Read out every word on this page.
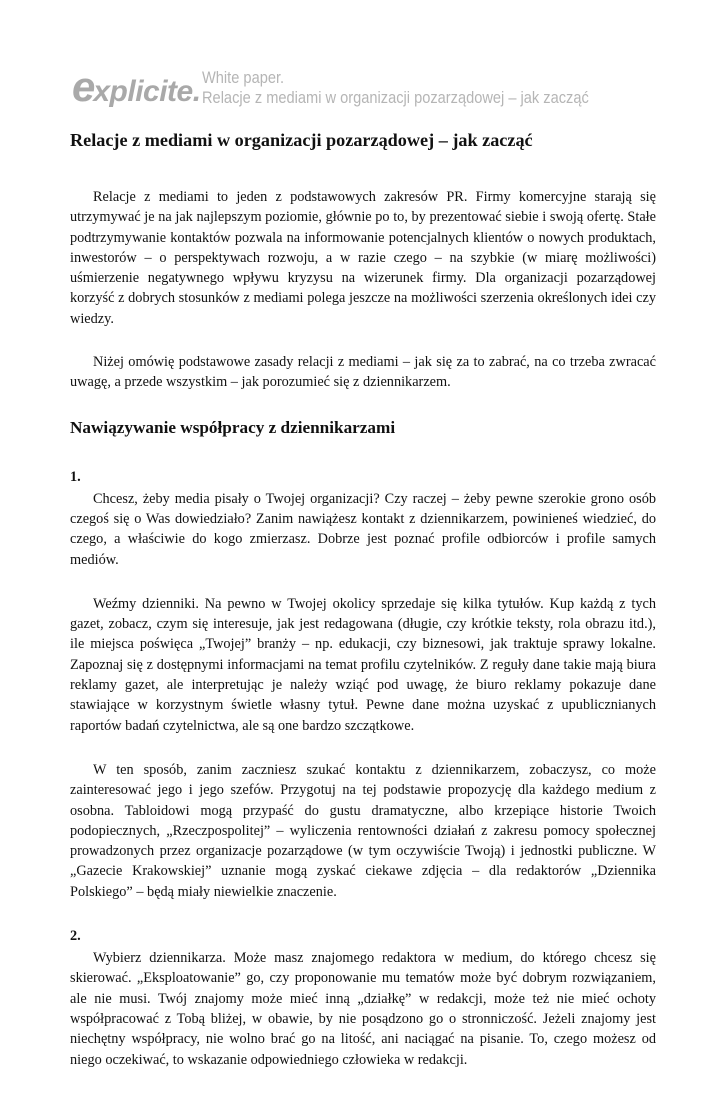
explicite. White paper.
Relacje z mediami w organizacji pozarządowej – jak zacząć
Relacje z mediami w organizacji pozarządowej – jak zacząć

Relacje z mediami to jeden z podstawowych zakresów PR. Firmy komercyjne starają się utrzymywać je na jak najlepszym poziomie, głównie po to, by prezentować siebie i swoją ofertę. Stałe podtrzymywanie kontaktów pozwala na informowanie potencjalnych klientów o nowych produktach, inwestorów – o perspektywach rozwoju, a w razie czego – na szybkie (w miarę możliwości) uśmierzenie negatywnego wpływu kryzysu na wizerunek firmy. Dla organizacji pozarządowej korzyść z dobrych stosunków z mediami polega jeszcze na możliwości szerzenia określonych idei czy wiedzy.

Niżej omówię podstawowe zasady relacji z mediami – jak się za to zabrać, na co trzeba zwracać uwagę, a przede wszystkim – jak porozumieć się z dziennikarzem.

Nawiązywanie współpracy z dziennikarzami
1.

Chcesz, żeby media pisały o Twojej organizacji? Czy raczej – żeby pewne szerokie grono osób czegoś się o Was dowiedziało? Zanim nawiążesz kontakt z dziennikarzem, powinieneś wiedzieć, do czego, a właściwie do kogo zmierzasz. Dobrze jest poznać profile odbiorców i profile samych mediów.

Weźmy dzienniki. Na pewno w Twojej okolicy sprzedaje się kilka tytułów. Kup każdą z tych gazet, zobacz, czym się interesuje, jak jest redagowana (długie, czy krótkie teksty, rola obrazu itd.), ile miejsca poświęca „Twojej” branży – np. edukacji, czy biznesowi, jak traktuje sprawy lokalne. Zapoznaj się z dostępnymi informacjami na temat profilu czytelników. Z reguły dane takie mają biura reklamy gazet, ale interpretując je należy wziąć pod uwagę, że biuro reklamy pokazuje dane stawiające w korzystnym świetle własny tytuł. Pewne dane można uzyskać z upublicznianych raportów badań czytelnictwa, ale są one bardzo szczątkowe.

W ten sposób, zanim zaczniesz szukać kontaktu z dziennikarzem, zobaczysz, co może zainteresować jego i jego szefów. Przygotuj na tej podstawie propozycję dla każdego medium z osobna. Tabloidowi mogą przypaść do gustu dramatyczne, albo krzepiące historie Twoich podopiecznych, „Rzeczpospolitej” – wyliczenia rentowności działań z zakresu pomocy społecznej prowadzonych przez organizacje pozarządowe (w tym oczywiście Twoją) i jednostki publiczne. W „Gazecie Krakowskiej” uznanie mogą zyskać ciekawe zdjęcia – dla redaktorów „Dziennika Polskiego” – będą miały niewielkie znaczenie.

2.

Wybierz dziennikarza. Może masz znajomego redaktora w medium, do którego chcesz się skierować. „Eksploatowanie” go, czy proponowanie mu tematów może być dobrym rozwiązaniem, ale nie musi. Twój znajomy może mieć inną „działkę” w redakcji, może też nie mieć ochoty współpracować z Tobą bliżej, w obawie, by nie posądzono go o stronniczość. Jeżeli znajomy jest niechętny współpracy, nie wolno brać go na litość, ani naciągać na pisanie. To, czego możesz od niego oczekiwać, to wskazanie odpowiedniego człowieka w redakcji.
